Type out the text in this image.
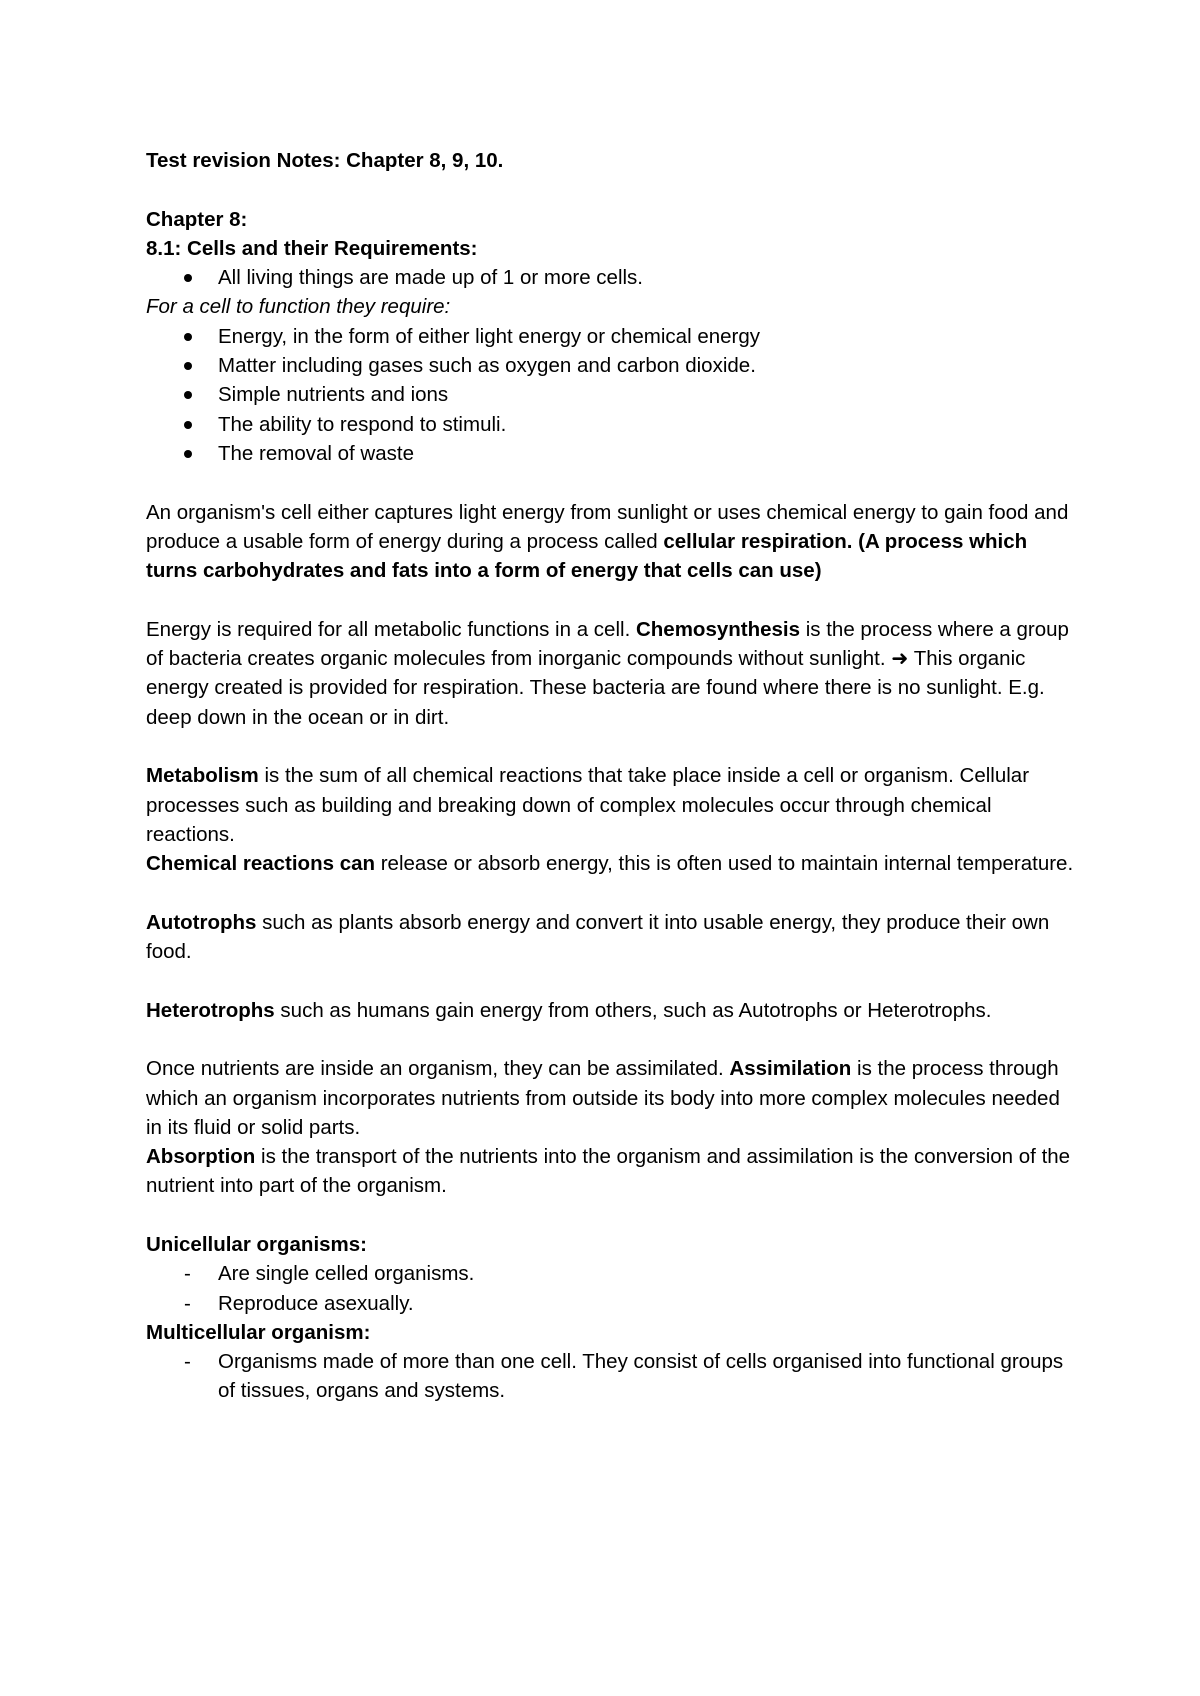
Test revision Notes: Chapter 8, 9, 10.

Chapter 8:

8.1: Cells and their Requirements:

All living things are made up of 1 or more cells.

For a cell to function they require:

Energy, in the form of either light energy or chemical energy
Matter including gases such as oxygen and carbon dioxide.
Simple nutrients and ions
The ability to respond to stimuli.
The removal of waste

An organism's cell either captures light energy from sunlight or uses chemical energy to gain food and produce a usable form of energy during a process called cellular respiration. (A process which turns carbohydrates and fats into a form of energy that cells can use)

Energy is required for all metabolic functions in a cell. Chemosynthesis is the process where a group of bacteria creates organic molecules from inorganic compounds without sunlight. ➜ This organic energy created is provided for respiration. These bacteria are found where there is no sunlight. E.g. deep down in the ocean or in dirt.

Metabolism is the sum of all chemical reactions that take place inside a cell or organism. Cellular processes such as building and breaking down of complex molecules occur through chemical reactions.

Chemical reactions can release or absorb energy, this is often used to maintain internal temperature.

Autotrophs such as plants absorb energy and convert it into usable energy, they produce their own food.

Heterotrophs such as humans gain energy from others, such as Autotrophs or Heterotrophs.

Once nutrients are inside an organism, they can be assimilated. Assimilation is the process through which an organism incorporates nutrients from outside its body into more complex molecules needed in its fluid or solid parts.

Absorption is the transport of the nutrients into the organism and assimilation is the conversion of the nutrient into part of the organism.

Unicellular organisms:

-	Are single celled organisms.
-	Reproduce asexually.

Multicellular organism:

-	Organisms made of more than one cell. They consist of cells organised into functional groups of tissues, organs and systems.
